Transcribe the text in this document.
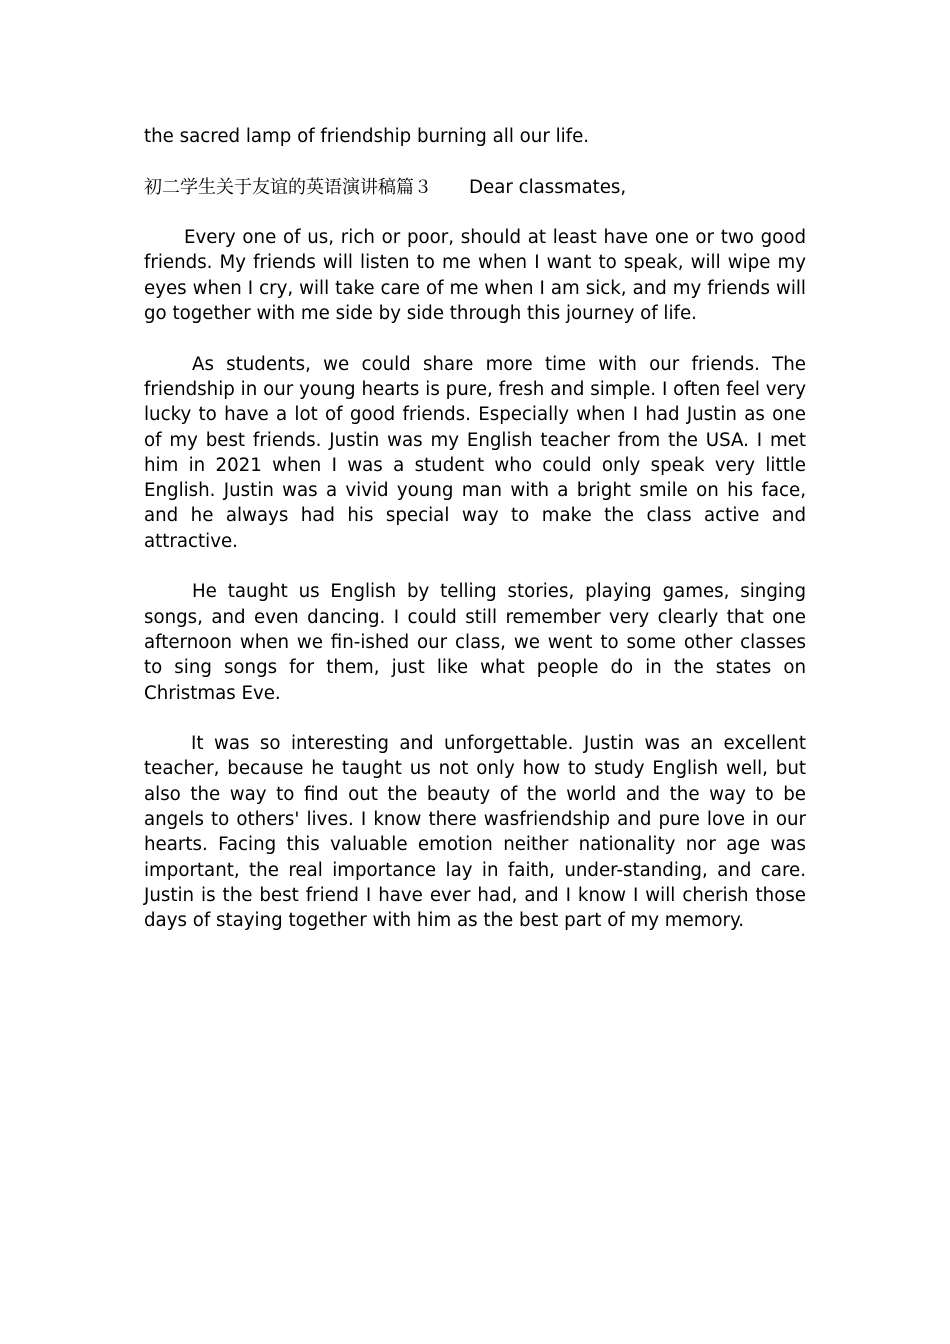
the sacred lamp of friendship burning all our life.

初二学生关于友谊的英语演讲稿篇３ Dear classmates,

Every one of us, rich or poor, should at least have one or two good friends. My friends will listen to me when I want to speak, will wipe my eyes when I cry, will take care of me when I am sick, and my friends will go together with me side by side through this journey of life.

As students, we could share more time with our friends. The friendship in our young hearts is pure, fresh and simple. I often feel very lucky to have a lot of good friends. Especially when I had Justin as one of my best friends. Justin was my English teacher from the USA. I met him in 2021 when I was a student who could only speak very little English. Justin was a vivid young man with a bright smile on his face, and he always had his special way to make the class active and attractive.

He taught us English by telling stories, playing games, singing songs, and even dancing. I could still remember very clearly that one afternoon when we fin-ished our class, we went to some other classes to sing songs for them, just like what people do in the states on Christmas Eve.

It was so interesting and unforgettable. Justin was an excellent teacher, because he taught us not only how to study English well, but also the way to find out the beauty of the world and the way to be angels to others' lives. I know there wasfriendship and pure love in our hearts. Facing this valuable emotion neither nationality nor age was important, the real importance lay in faith, under-standing, and care. Justin is the best friend I have ever had, and I know I will cherish those days of staying together with him as the best part of my memory.
